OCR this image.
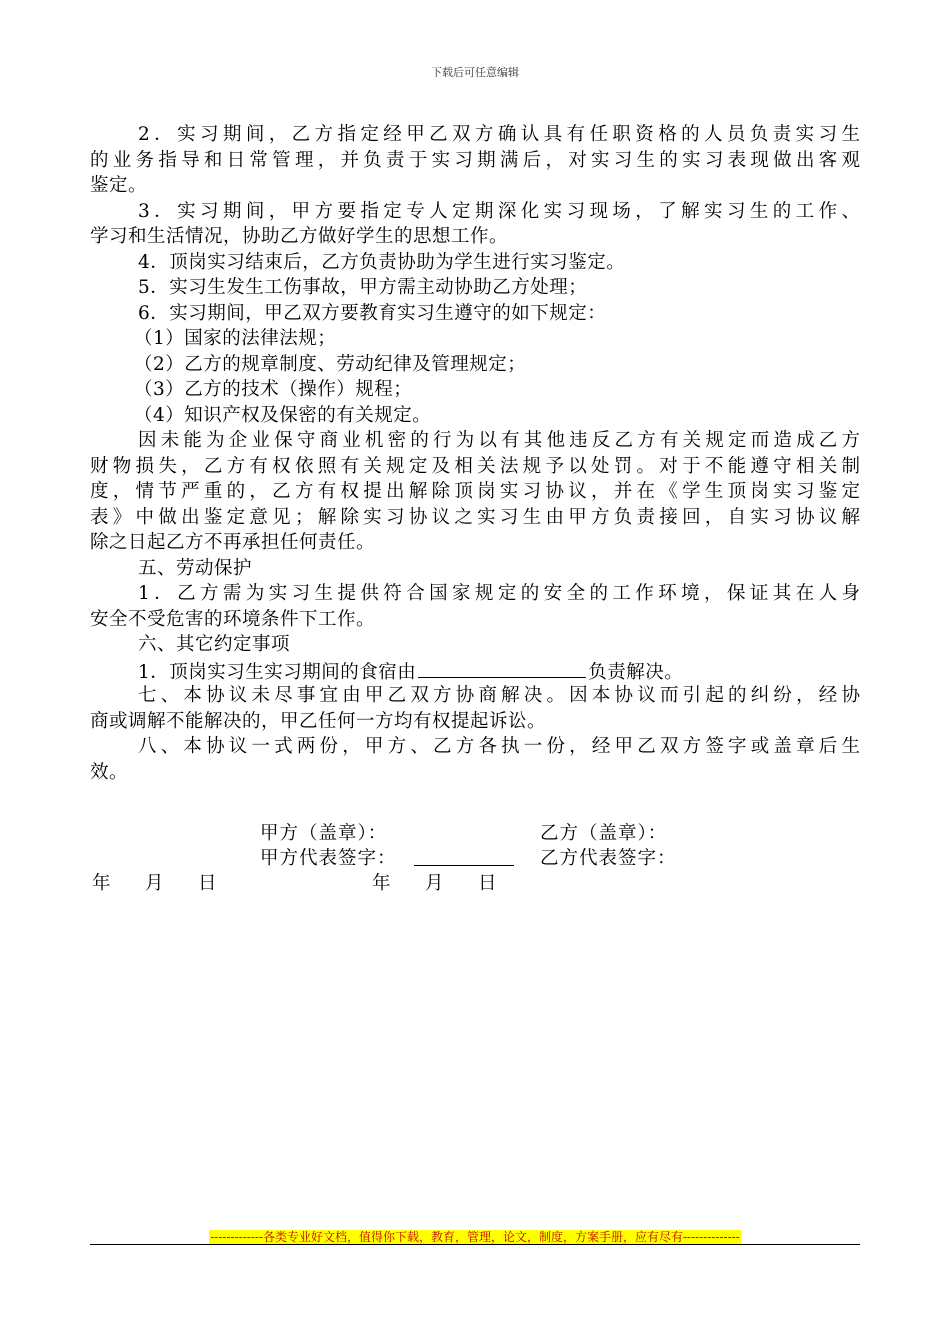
下载后可任意编辑
2．实习期间，乙方指定经甲乙双方确认具有任职资格的人员负责实习生
的业务指导和日常管理，并负责于实习期满后，对实习生的实习表现做出客观
鉴定。
3．实习期间，甲方要指定专人定期深化实习现场，了解实习生的工作、
学习和生活情况，协助乙方做好学生的思想工作。
4．顶岗实习结束后，乙方负责协助为学生进行实习鉴定。
5．实习生发生工伤事故，甲方需主动协助乙方处理；
6．实习期间，甲乙双方要教育实习生遵守的如下规定：
（1）国家的法律法规；
（2）乙方的规章制度、劳动纪律及管理规定；
（3）乙方的技术（操作）规程；
（4）知识产权及保密的有关规定。
因未能为企业保守商业机密的行为以有其他违反乙方有关规定而造成乙方
财物损失，乙方有权依照有关规定及相关法规予以处罚。对于不能遵守相关制
度，情节严重的，乙方有权提出解除顶岗实习协议，并在《学生顶岗实习鉴定
表》中做出鉴定意见；解除实习协议之实习生由甲方负责接回，自实习协议解
除之日起乙方不再承担任何责任。
五、劳动保护
1．乙方需为实习生提供符合国家规定的安全的工作环境，保证其在人身
安全不受危害的环境条件下工作。
六、其它约定事项
1．顶岗实习生实习期间的食宿由	负责解决。
七、本协议未尽事宜由甲乙双方协商解决。因本协议而引起的纠纷，经协
商或调解不能解决的，甲乙任何一方均有权提起诉讼。
八、本协议一式两份，甲方、乙方各执一份，经甲乙双方签字或盖章后生
效。
甲方（盖章）：	乙方（盖章）：
甲方代表签字：	乙方代表签字：
年　月　日	年　月　日
-------------各类专业好文档，值得你下载，教育，管理，论文，制度，方案手册，应有尽有--------------
